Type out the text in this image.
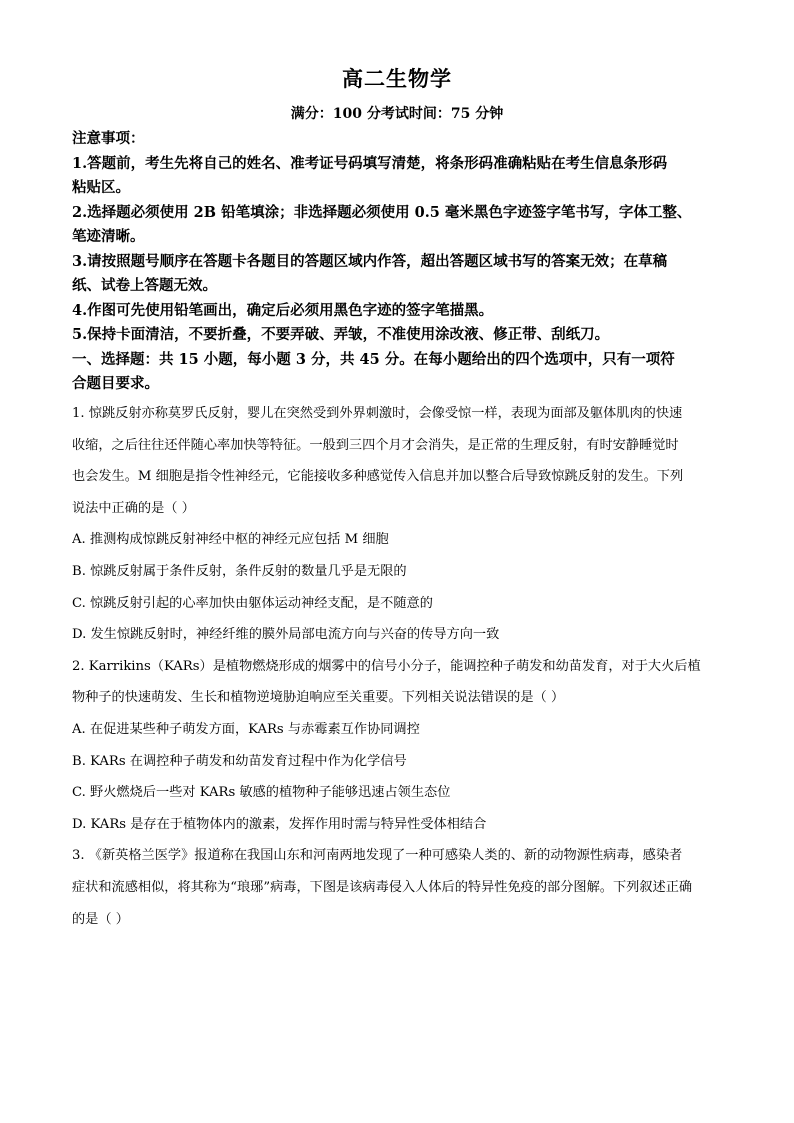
高二生物学
满分：100 分考试时间：75 分钟
注意事项：
1.答题前，考生先将自己的姓名、准考证号码填写清楚，将条形码准确粘贴在考生信息条形码
粘贴区。
2.选择题必须使用 2B 铅笔填涂；非选择题必须使用 0.5 毫米黑色字迹签字笔书写，字体工整、
笔迹清晰。
3.请按照题号顺序在答题卡各题目的答题区域内作答，超出答题区域书写的答案无效；在草稿
纸、试卷上答题无效。
4.作图可先使用铅笔画出，确定后必须用黑色字迹的签字笔描黑。
5.保持卡面清洁，不要折叠，不要弄破、弄皱，不准使用涂改液、修正带、刮纸刀。
一、选择题：共 15 小题，每小题 3 分，共 45 分。在每小题给出的四个选项中，只有一项符
合题目要求。
1. 惊跳反射亦称莫罗氏反射，婴儿在突然受到外界刺激时，会像受惊一样，表现为面部及躯体肌肉的快速
收缩，之后往往还伴随心率加快等特征。一般到三四个月才会消失，是正常的生理反射，有时安静睡觉时
也会发生。M 细胞是指令性神经元，它能接收多种感觉传入信息并加以整合后导致惊跳反射的发生。下列
说法中正确的是（ ）
A. 推测构成惊跳反射神经中枢的神经元应包括 M 细胞
B. 惊跳反射属于条件反射，条件反射的数量几乎是无限的
C. 惊跳反射引起的心率加快由躯体运动神经支配，是不随意的
D. 发生惊跳反射时，神经纤维的膜外局部电流方向与兴奋的传导方向一致
2. Karrikins（KARs）是植物燃烧形成的烟雾中的信号小分子，能调控种子萌发和幼苗发育，对于大火后植
物种子的快速萌发、生长和植物逆境胁迫响应至关重要。下列相关说法错误的是（ ）
A. 在促进某些种子萌发方面，KARs 与赤霉素互作协同调控
B. KARs 在调控种子萌发和幼苗发育过程中作为化学信号
C. 野火燃烧后一些对 KARs 敏感的植物种子能够迅速占领生态位
D. KARs 是存在于植物体内的激素，发挥作用时需与特异性受体相结合
3. 《新英格兰医学》报道称在我国山东和河南两地发现了一种可感染人类的、新的动物源性病毒，感染者
症状和流感相似，将其称为“琅琊”病毒，下图是该病毒侵入人体后的特异性免疫的部分图解。下列叙述正确
的是（ ）
